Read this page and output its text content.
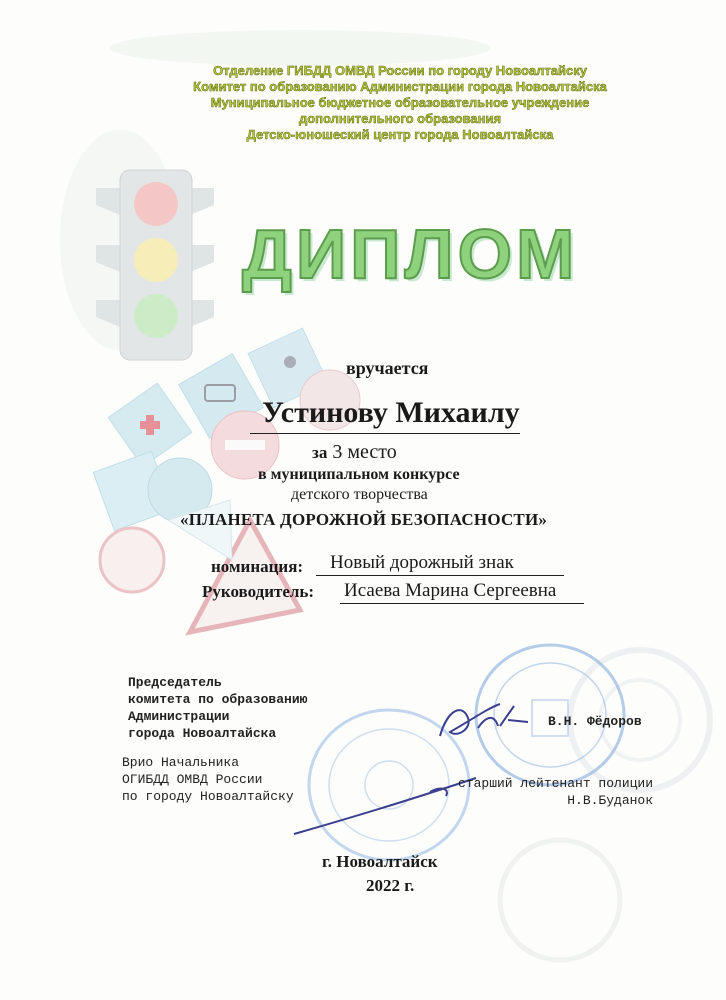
Отделение ГИБДД ОМВД России по городу Новоалтайску
Комитет по образованию Администрации города Новоалтайска
Муниципальное бюджетное образовательное учреждение
дополнительного образования
Детско-юношеский центр города Новоалтайска
ДИПЛОМ
вручается
Устинову Михаилу
за 3 место
в муниципальном конкурсе
детского творчества
«ПЛАНЕТА ДОРОЖНОЙ БЕЗОПАСНОСТИ»
номинация: Новый дорожный знак
Руководитель: Исаева Марина Сергеевна
Председатель
комитета по образованию
Администрации
города Новоалтайска
В.Н. Фёдоров
Врио Начальника
ОГИБДД ОМВД России
по городу Новоалтайску
старший лейтенант полиции
Н.В.Буданок
г. Новоалтайск
2022 г.
